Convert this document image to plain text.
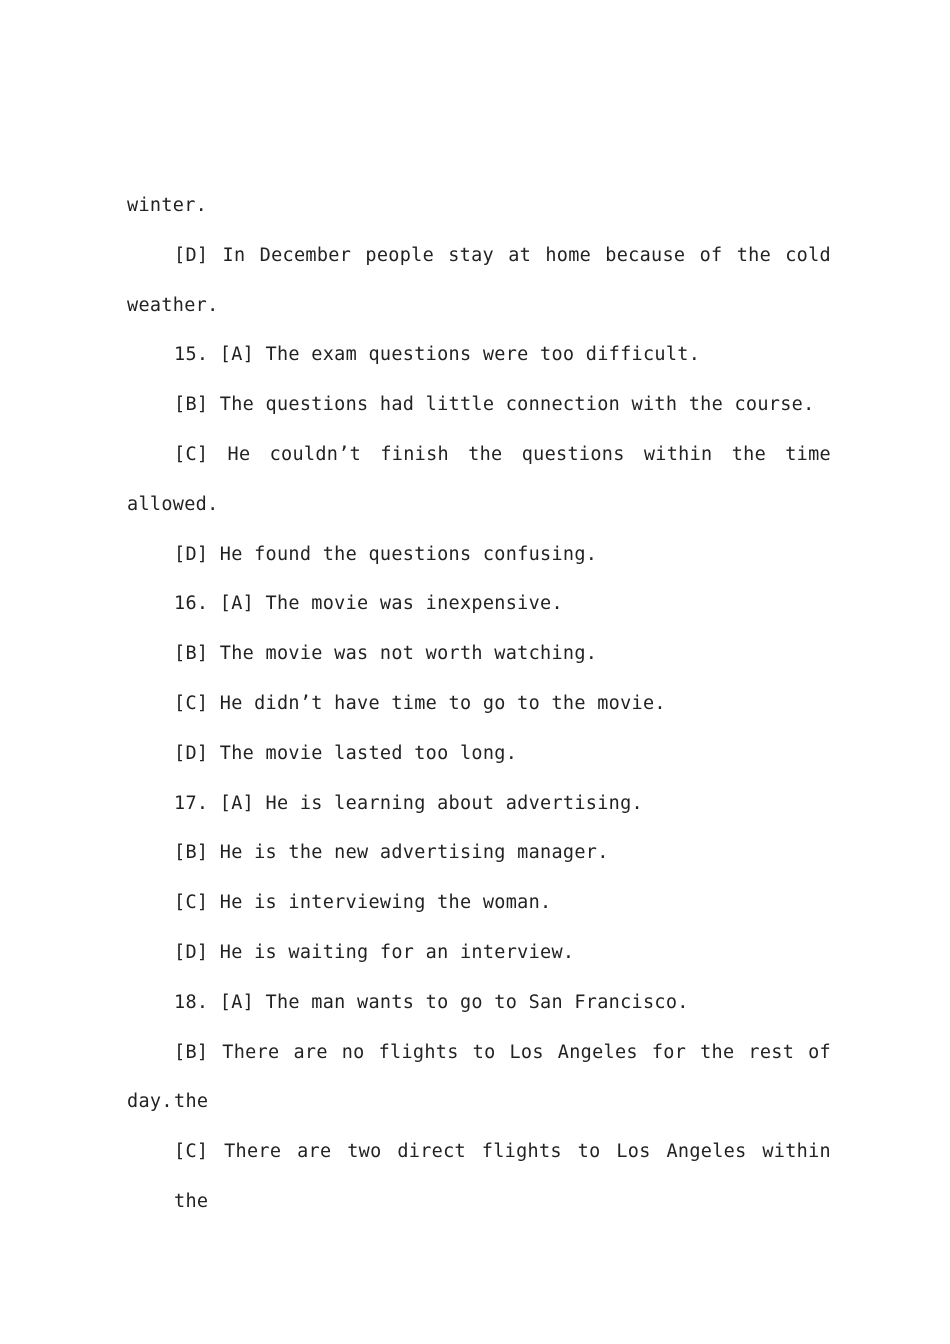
winter.
[D] In December people stay at home because of the cold
weather.
15. [A] The exam questions were too difficult.
[B] The questions had little connection with the course.
[C] He couldn’t finish the questions within the time
allowed.
[D] He found the questions confusing.
16. [A] The movie was inexpensive.
[B] The movie was not worth watching.
[C] He didn’t have time to go to the movie.
[D] The movie lasted too long.
17. [A] He is learning about advertising.
[B] He is the new advertising manager.
[C] He is interviewing the woman.
[D] He is waiting for an interview.
18. [A] The man wants to go to San Francisco.
[B] There are no flights to Los Angeles for the rest of the
day.
[C] There are two direct flights to Los Angeles within the
